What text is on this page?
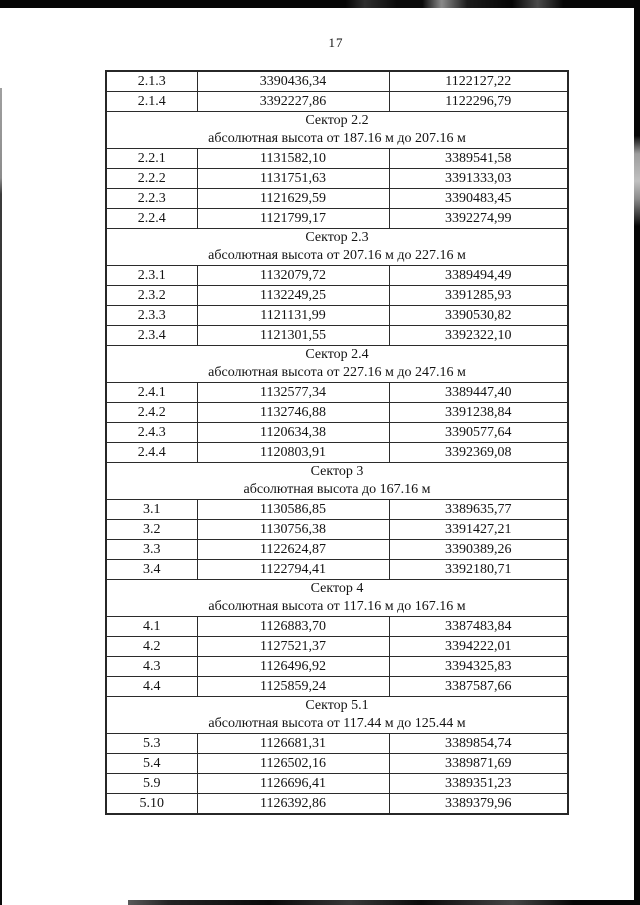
17
2.1.3	3390436,34	1122127,22
2.1.4	3392227,86	1122296,79

Сектор 2.2
абсолютная высота от 187.16 м до 207.16 м		

2.2.1	1131582,10	3389541,58
2.2.2	1131751,63	3391333,03
2.2.3	1121629,59	3390483,45
2.2.4	1121799,17	3392274,99

Сектор 2.3
абсолютная высота от 207.16 м до 227.16 м		

2.3.1	1132079,72	3389494,49
2.3.2	1132249,25	3391285,93
2.3.3	1121131,99	3390530,82
2.3.4	1121301,55	3392322,10

Сектор 2.4
абсолютная высота от 227.16 м до 247.16 м		

2.4.1	1132577,34	3389447,40
2.4.2	1132746,88	3391238,84
2.4.3	1120634,38	3390577,64
2.4.4	1120803,91	3392369,08

Сектор 3
абсолютная высота до 167.16 м		

3.1	1130586,85	3389635,77
3.2	1130756,38	3391427,21
3.3	1122624,87	3390389,26
3.4	1122794,41	3392180,71

Сектор 4
абсолютная высота от 117.16 м до 167.16 м		

4.1	1126883,70	3387483,84
4.2	1127521,37	3394222,01
4.3	1126496,92	3394325,83
4.4	1125859,24	3387587,66

Сектор 5.1
абсолютная высота от 117.44 м до 125.44 м		

5.3	1126681,31	3389854,74
5.4	1126502,16	3389871,69
5.9	1126696,41	3389351,23
5.10	1126392,86	3389379,96
